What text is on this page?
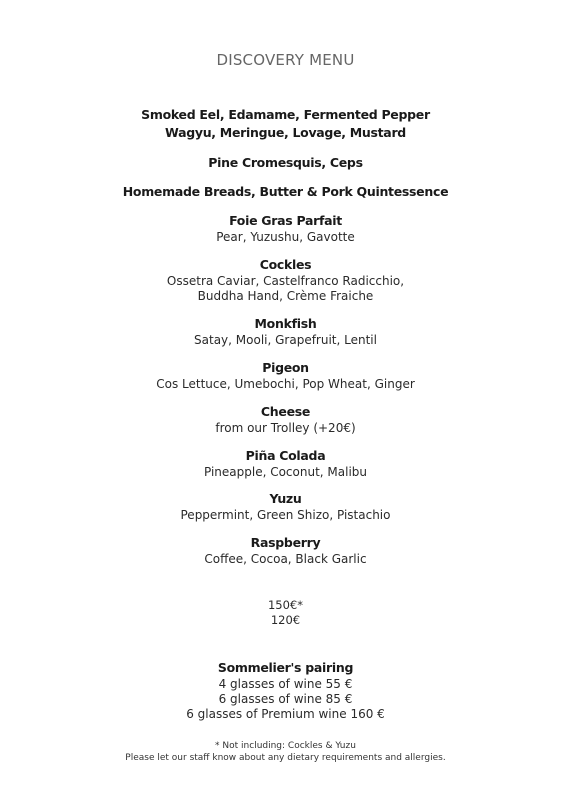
DISCOVERY MENU
Smoked Eel, Edamame, Fermented Pepper
Wagyu, Meringue, Lovage, Mustard
Pine Cromesquis, Ceps
Homemade Breads, Butter & Pork Quintessence
Foie Gras Parfait
Pear, Yuzushu, Gavotte
Cockles
Ossetra Caviar, Castelfranco Radicchio,
Buddha Hand, Crème Fraiche
Monkfish
Satay, Mooli, Grapefruit, Lentil
Pigeon
Cos Lettuce, Umebochi, Pop Wheat, Ginger
Cheese
from our Trolley (+20€)
Piña Colada
Pineapple, Coconut, Malibu
Yuzu
Peppermint, Green Shizo, Pistachio
Raspberry
Coffee, Cocoa, Black Garlic
150€*
120€
Sommelier's pairing
4 glasses of wine 55 €
6 glasses of wine 85 €
6 glasses of Premium wine 160 €
* Not including: Cockles & Yuzu
Please let our staff know about any dietary requirements and allergies.
